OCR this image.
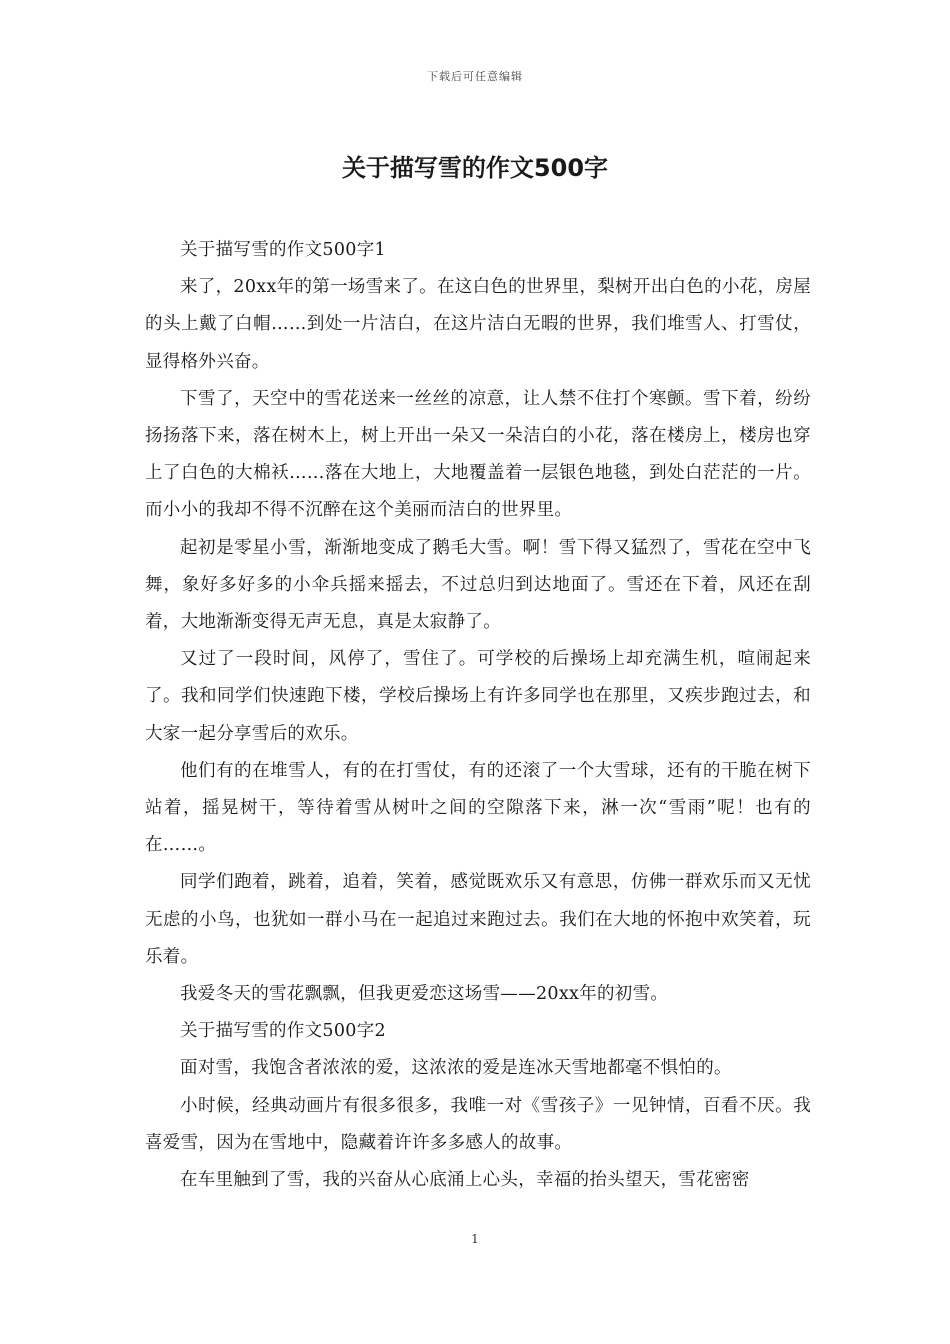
下载后可任意编辑
关于描写雪的作文500字

关于描写雪的作文500字1

来了，20xx年的第一场雪来了。在这白色的世界里，梨树开出白色的小花，房屋的头上戴了白帽……到处一片洁白，在这片洁白无暇的世界，我们堆雪人、打雪仗，显得格外兴奋。

下雪了，天空中的雪花送来一丝丝的凉意，让人禁不住打个寒颤。雪下着，纷纷扬扬落下来，落在树木上，树上开出一朵又一朵洁白的小花，落在楼房上，楼房也穿上了白色的大棉袄……落在大地上，大地覆盖着一层银色地毯，到处白茫茫的一片。而小小的我却不得不沉醉在这个美丽而洁白的世界里。

起初是零星小雪，渐渐地变成了鹅毛大雪。啊！雪下得又猛烈了，雪花在空中飞舞，象好多好多的小伞兵摇来摇去，不过总归到达地面了。雪还在下着，风还在刮着，大地渐渐变得无声无息，真是太寂静了。

又过了一段时间，风停了，雪住了。可学校的后操场上却充满生机，喧闹起来了。我和同学们快速跑下楼，学校后操场上有许多同学也在那里，又疾步跑过去，和大家一起分享雪后的欢乐。

他们有的在堆雪人，有的在打雪仗，有的还滚了一个大雪球，还有的干脆在树下站着，摇晃树干，等待着雪从树叶之间的空隙落下来，淋一次“雪雨”呢！也有的在……。

同学们跑着，跳着，追着，笑着，感觉既欢乐又有意思，仿佛一群欢乐而又无忧无虑的小鸟，也犹如一群小马在一起追过来跑过去。我们在大地的怀抱中欢笑着，玩乐着。

我爱冬天的雪花飘飘，但我更爱恋这场雪——20xx年的初雪。

关于描写雪的作文500字2

面对雪，我饱含者浓浓的爱，这浓浓的爱是连冰天雪地都毫不惧怕的。

小时候，经典动画片有很多很多，我唯一对《雪孩子》一见钟情，百看不厌。我喜爱雪，因为在雪地中，隐藏着许许多多感人的故事。

在车里触到了雪，我的兴奋从心底涌上心头，幸福的抬头望天，雪花密密

1
